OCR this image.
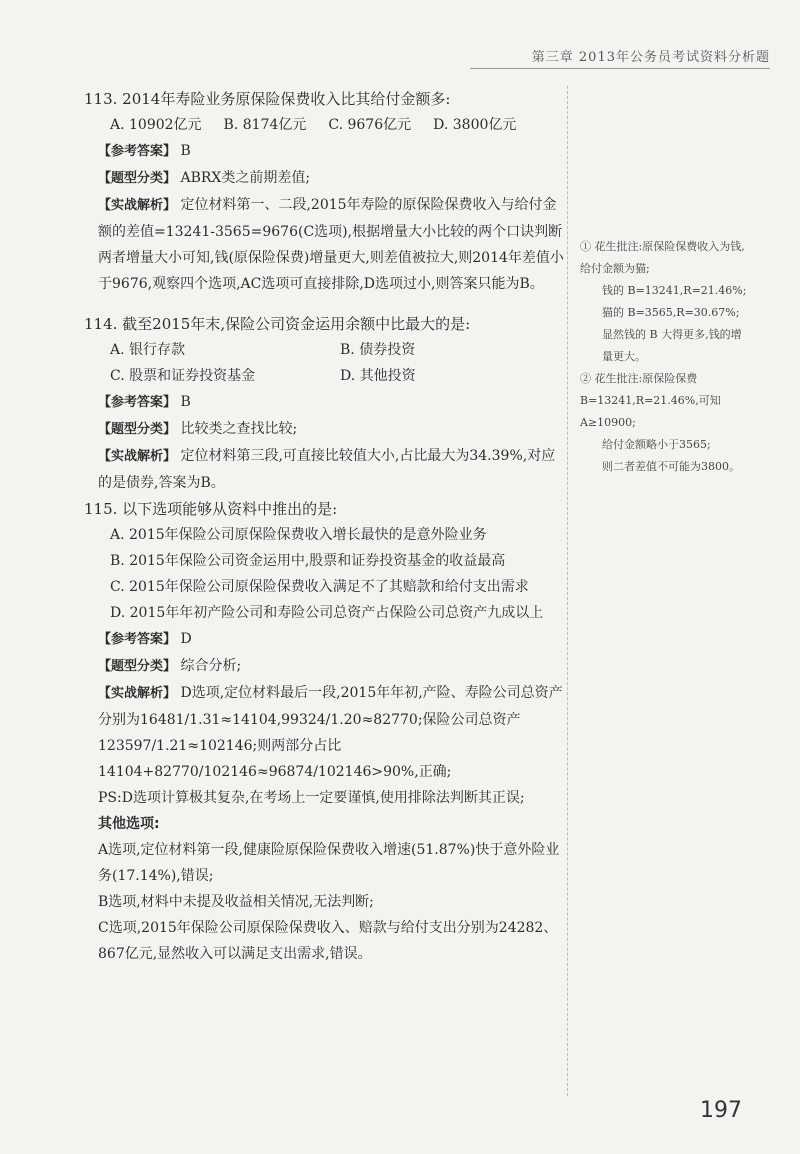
第三章 2013年公务员考试资料分析题
113. 2014年寿险业务原保险保费收入比其给付金额多:
A. 10902亿元 B. 8174亿元 C. 9676亿元 D. 3800亿元
【参考答案】 B
【题型分类】 ABRX类之前期差值;
【实战解析】 定位材料第一、二段,2015年寿险的原保险保费收入与给付金额的差值=13241-3565=9676(C选项),根据增量大小比较的两个口诀判断两者增量大小可知,钱(原保险保费)增量更大,则差值被拉大,则2014年差值小于9676,观察四个选项,AC选项可直接排除,D选项过小,则答案只能为B。
114. 截至2015年末,保险公司资金运用余额中比最大的是:
A. 银行存款	B. 债券投资
C. 股票和证券投资基金	D. 其他投资
【参考答案】 B
【题型分类】 比较类之查找比较;
【实战解析】 定位材料第三段,可直接比较值大小,占比最大为34.39%,对应的是债券,答案为B。
115. 以下选项能够从资料中推出的是:
A. 2015年保险公司原保险保费收入增长最快的是意外险业务
B. 2015年保险公司资金运用中,股票和证券投资基金的收益最高
C. 2015年保险公司原保险保费收入满足不了其赔款和给付支出需求
D. 2015年年初产险公司和寿险公司总资产占保险公司总资产九成以上
【参考答案】 D
【题型分类】 综合分析;
【实战解析】 D选项,定位材料最后一段,2015年年初,产险、寿险公司总资产分别为16481/1.31≈14104,99324/1.20≈82770;保险公司总资产123597/1.21≈102146;则两部分占比14104+82770/102146≈96874/102146>90%,正确;
PS:D选项计算极其复杂,在考场上一定要谨慎,使用排除法判断其正误;
其他选项:
A选项,定位材料第一段,健康险原保险保费收入增速(51.87%)快于意外险业务(17.14%),错误;
B选项,材料中未提及收益相关情况,无法判断;
C选项,2015年保险公司原保险保费收入、赔款与给付支出分别为24282、867亿元,显然收入可以满足支出需求,错误。
① 花生批注:原保险保费收入为钱,给付金额为猫;
钱的 B=13241,R=21.46%;
猫的 B=3565,R=30.67%;
显然钱的 B 大得更多,钱的增量更大。
② 花生批注:原保险保费B=13241,R=21.46%,可知 A≥10900;
给付金额略小于3565;
则二者差值不可能为3800。
197
